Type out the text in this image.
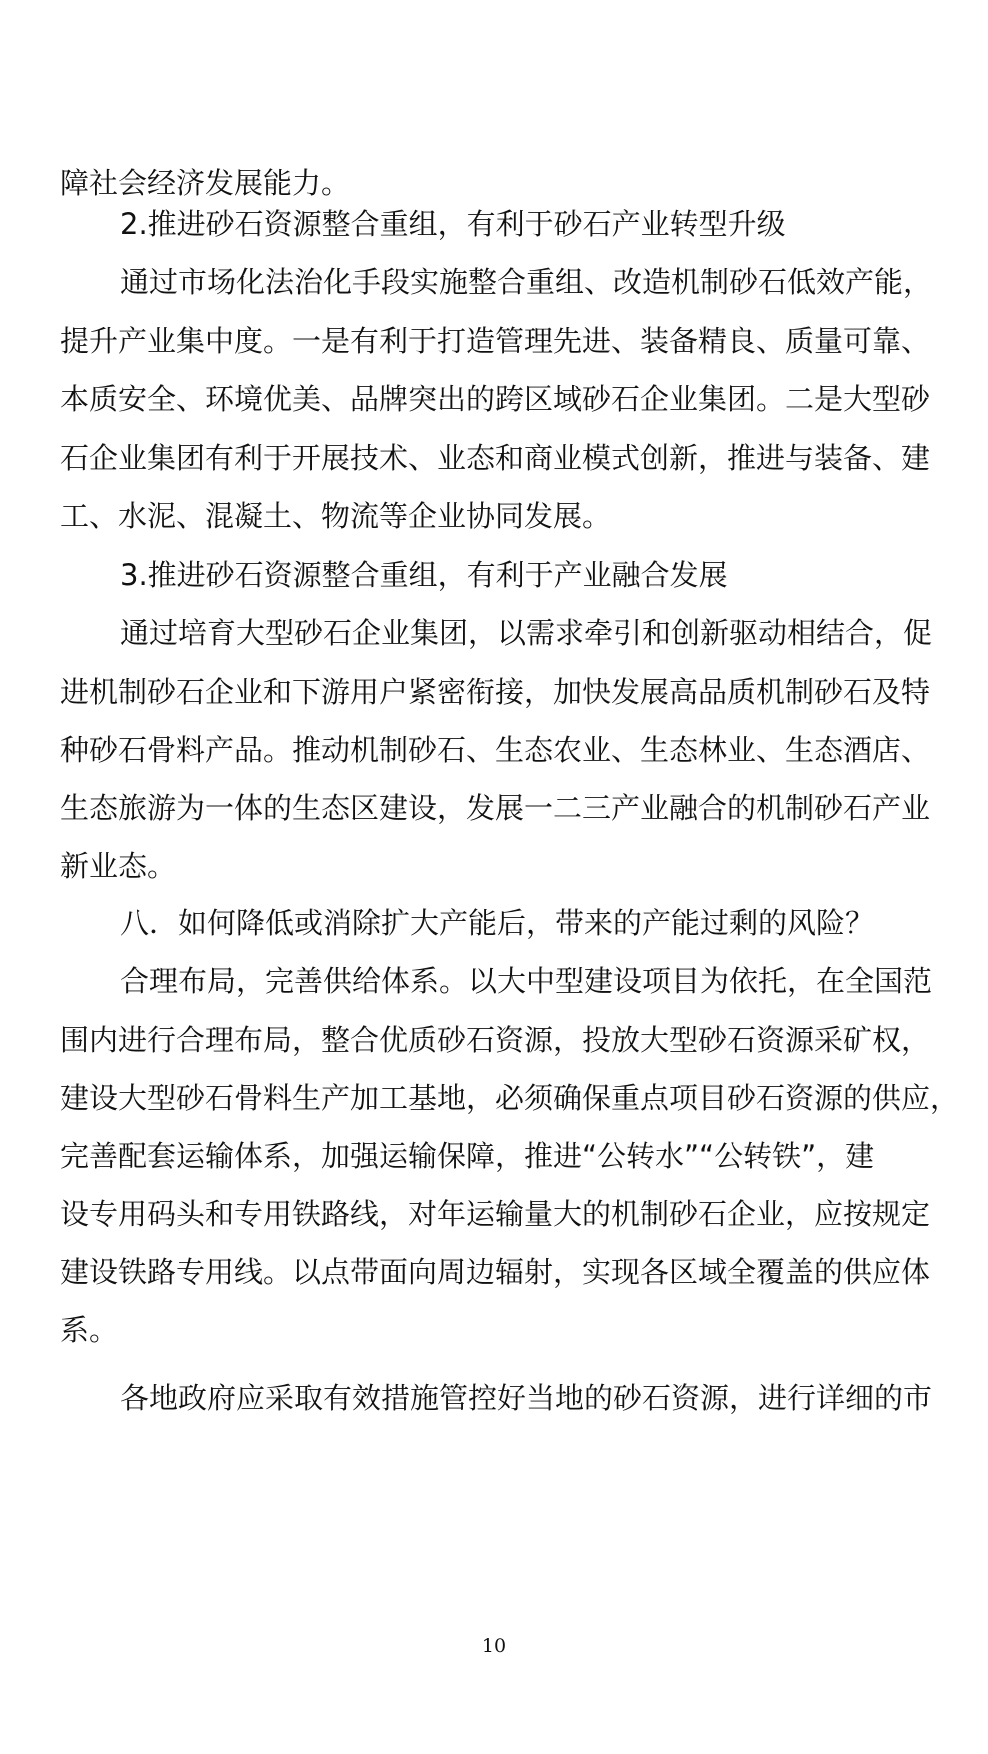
障社会经济发展能力。
2.推进砂石资源整合重组，有利于砂石产业转型升级
通过市场化法治化手段实施整合重组、改造机制砂石低效产能，
提升产业集中度。一是有利于打造管理先进、装备精良、质量可靠、
本质安全、环境优美、品牌突出的跨区域砂石企业集团。二是大型砂
石企业集团有利于开展技术、业态和商业模式创新，推进与装备、建
工、水泥、混凝土、物流等企业协同发展。
3.推进砂石资源整合重组，有利于产业融合发展
通过培育大型砂石企业集团，以需求牵引和创新驱动相结合，促
进机制砂石企业和下游用户紧密衔接，加快发展高品质机制砂石及特
种砂石骨料产品。推动机制砂石、生态农业、生态林业、生态酒店、
生态旅游为一体的生态区建设，发展一二三产业融合的机制砂石产业
新业态。
八．如何降低或消除扩大产能后，带来的产能过剩的风险？
合理布局，完善供给体系。以大中型建设项目为依托，在全国范
围内进行合理布局，整合优质砂石资源，投放大型砂石资源采矿权，
建设大型砂石骨料生产加工基地，必须确保重点项目砂石资源的供应，
完善配套运输体系，加强运输保障，推进“公转水”“公转铁”，建
设专用码头和专用铁路线，对年运输量大的机制砂石企业，应按规定
建设铁路专用线。以点带面向周边辐射，实现各区域全覆盖的供应体
系。
各地政府应采取有效措施管控好当地的砂石资源，进行详细的市
10
